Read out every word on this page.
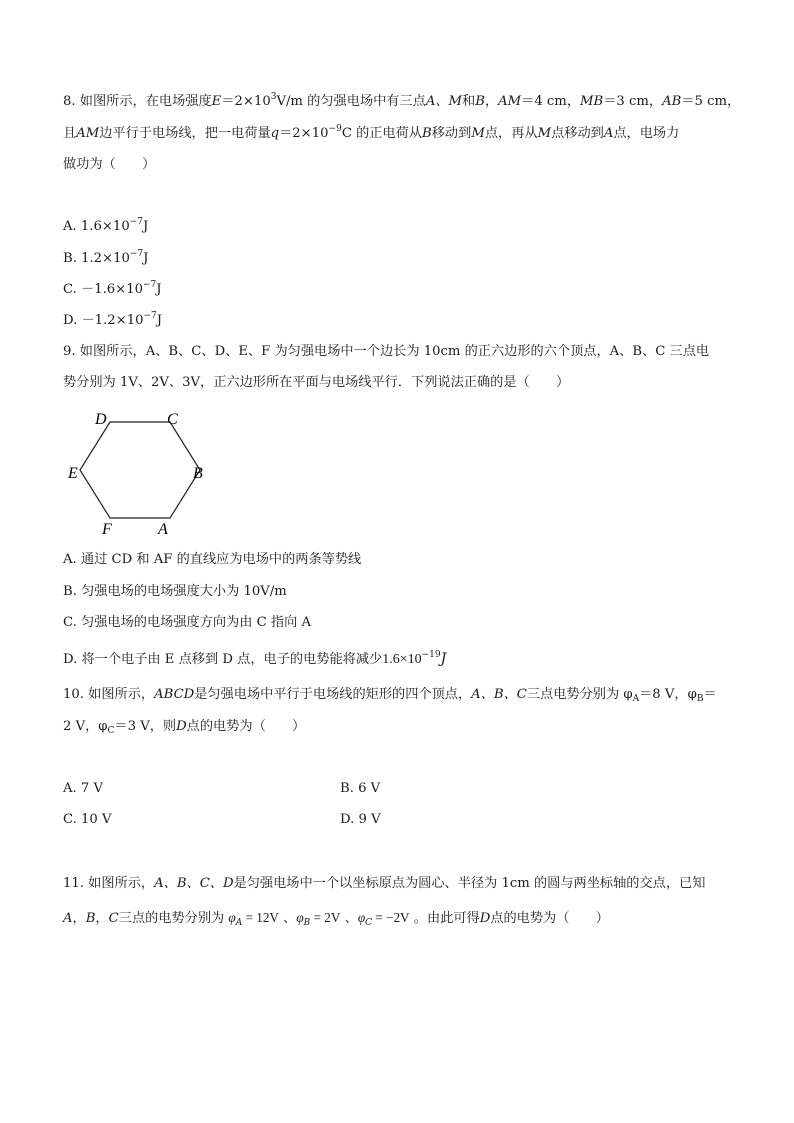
8. 如图所示，在电场强度$E=2\times 10^3V/m$ 的匀强电场中有三点A、M和B，AM＝4 cm，MB＝3 cm，AB＝5 cm，
且AM边平行于电场线，把一电荷量$q=2\times 10^{-9}C$ 的正电荷从B移动到M点，再从M点移动到A点，电场力
做功为（　　）
A. $1.6\times 10^{-7}J$
B. $1.2\times 10^{-7}J$
C. $-1.6\times 10^{-7}J$
D. $-1.2\times 10^{-7}J$
9. 如图所示，A、B、C、D、E、F 为匀强电场中一个边长为 10cm 的正六边形的六个顶点，A、B、C 三点电
势分别为 1V、2V、3V，正六边形所在平面与电场线平行．下列说法正确的是（　　）
D	C
E	B
F	A
A. 通过 CD 和 AF 的直线应为电场中的两条等势线
B. 匀强电场的电场强度大小为 10V/m
C. 匀强电场的电场强度方向为由 C 指向 A
D. 将一个电子由 E 点移到 D 点，电子的电势能将减少$1.6\times 10^{-19}J$
10. 如图所示，ABCD是匀强电场中平行于电场线的矩形的四个顶点，A、B、C三点电势分别为 $\varphi_A=8$ V，$\varphi_B=$
2 V，$\varphi_C=3$ V，则D点的电势为（　　）
A. 7 V	B. 6 V
C. 10 V	D. 9 V
11. 如图所示，A、B、C、D是匀强电场中一个以坐标原点为圆心、半径为 1cm 的圆与两坐标轴的交点，已知
A，B，C三点的电势分别为 $\varphi_A = 12V$ 、$\varphi_B = 2V$ 、$\varphi_C = -2V$ 。由此可得D点的电势为（　　）
